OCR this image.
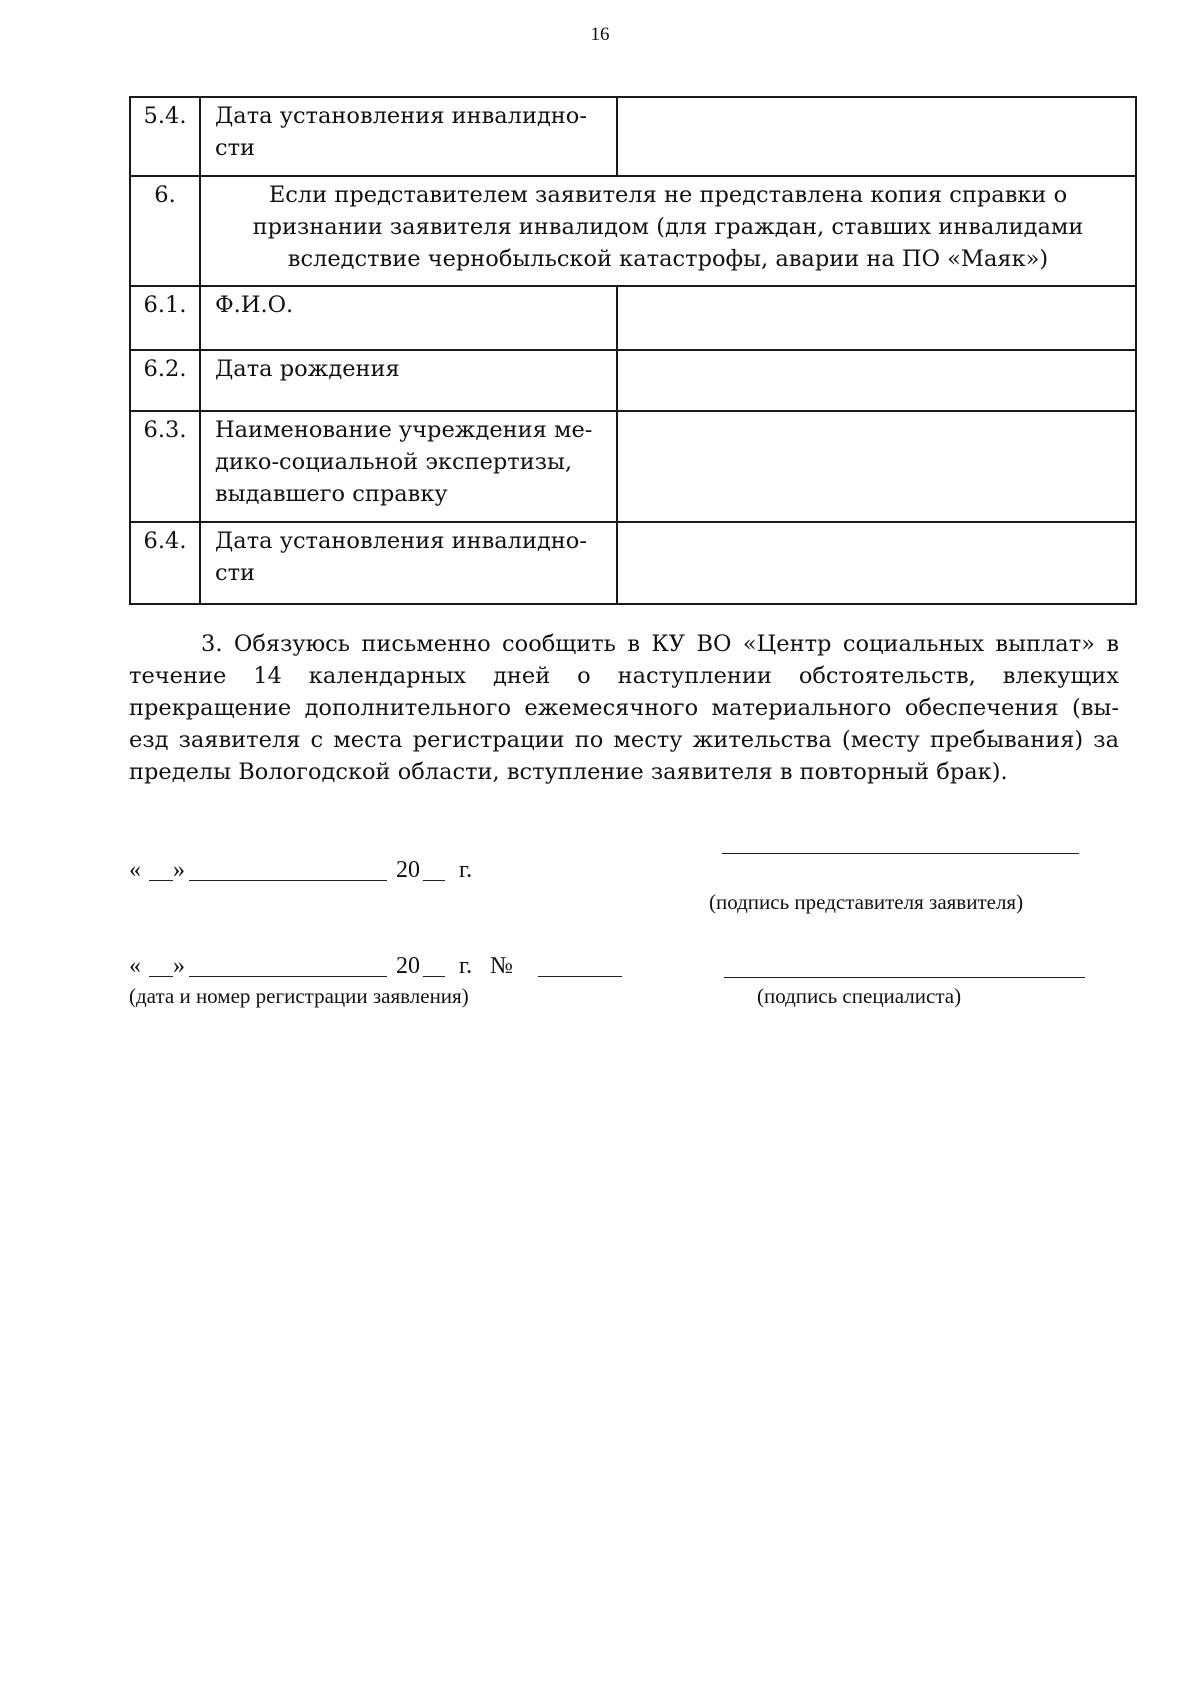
16
5.4.	Дата установления инвалидно-
сти	
6.	Если представителем заявителя не представлена копия справки о признании заявителя инвалидом (для граждан, ставших инвалидами вследствие чернобыльской катастрофы, аварии на ПО «Маяк»)	
6.1.	Ф.И.О.	
6.2.	Дата рождения	
6.3.	Наименование учреждения ме-
дико-социальной экспертизы,
выдавшего справку	
6.4.	Дата установления инвалидно-
сти	
3. Обязуюсь письменно сообщить в КУ ВО «Центр социальных выплат» в течение 14 календарных дней о наступлении обстоятельств, влекущих прекращение дополнительного ежемесячного материального обеспечения (вы-езд заявителя с места регистрации по месту жительства (месту пребывания) за пределы Вологодской области, вступление заявителя в повторный брак).
« »	20 г.
(подпись представителя заявителя)
« »	20 г. №
(дата и номер регистрации заявления)	(подпись специалиста)
